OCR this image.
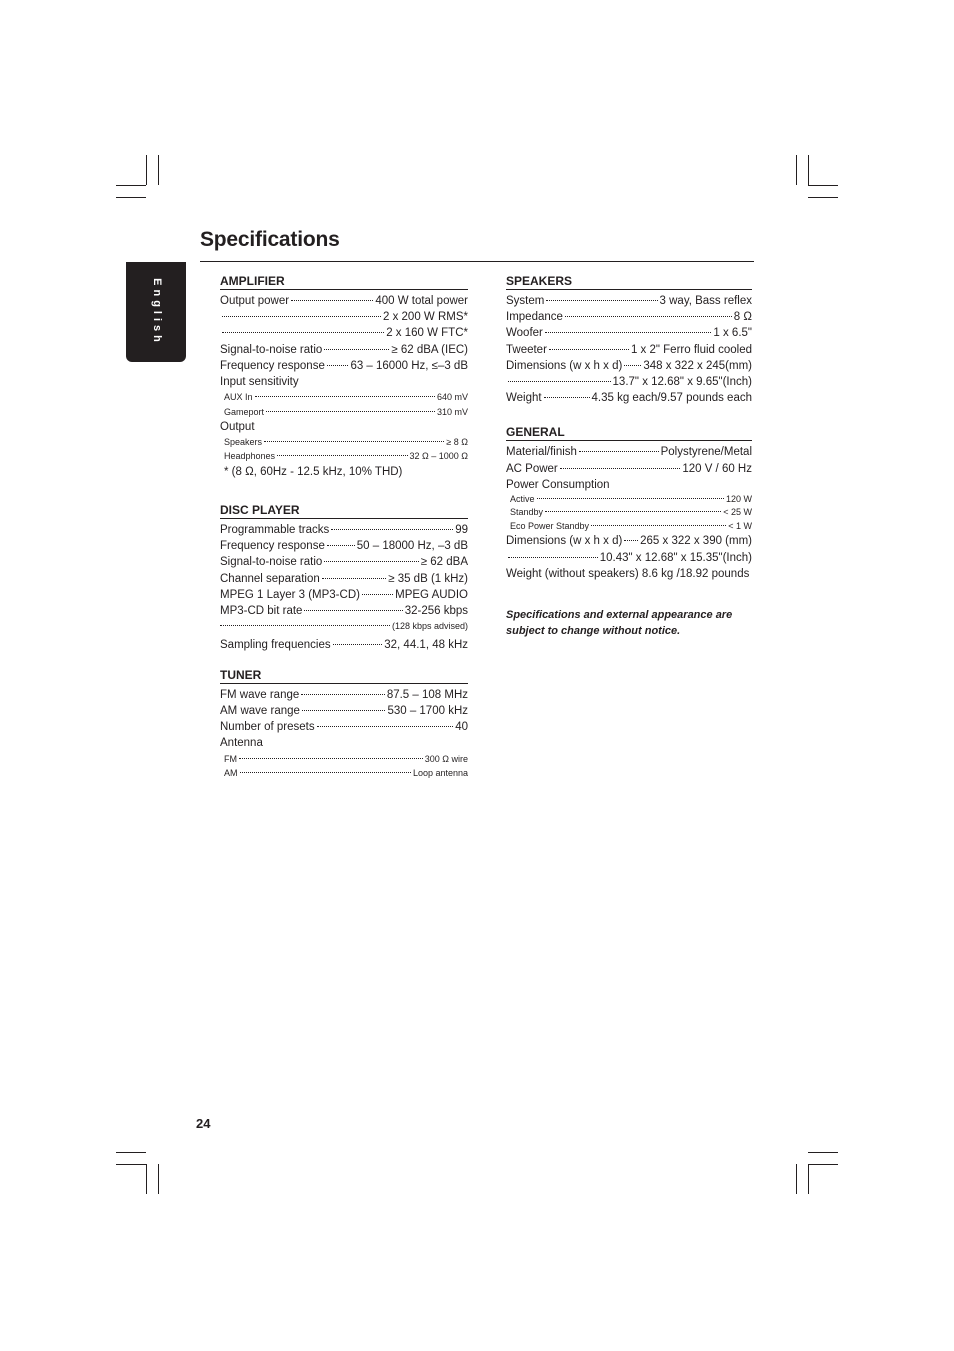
Specifications
English	AMPLIFIER
Output power	400 W total power
2 x 200 W RMS*
2 x 160 W FTC*
Signal-to-noise ratio	≥ 62 dBA (IEC)
Frequency response 63 – 16000 Hz, ≤–3 dB
Input sensitivity
AUX In	640 mV
Gameport	310 mV
Output
Speakers	≥ 8 Ω
Headphones	32 Ω – 1000 Ω
* (8 Ω, 60Hz - 12.5 kHz, 10% THD)
DISC PLAYER
Programmable tracks	99
Frequency response	50 – 18000 Hz, –3 dB
Signal-to-noise ratio	≥ 62 dBA
Channel separation	≥ 35 dB (1 kHz)
MPEG 1 Layer 3 (MP3-CD)	MPEG AUDIO
MP3-CD bit rate	32-256 kbps
(128 kbps advised)
Sampling frequencies	32, 44.1, 48 kHz
TUNER
FM wave range	87.5 – 108 MHz
AM wave range	530 – 1700 kHz
Number of presets	40
Antenna
FM	300 Ω wire
AM	Loop antenna
SPEAKERS
System	3 way, Bass reflex
Impedance	8 Ω
Woofer	1 x 6.5"
Tweeter	1 x 2" Ferro fluid cooled
Dimensions (w x h x d) 348 x 322 x 245(mm)
13.7" x 12.68" x 9.65"(Inch)
Weight	4.35 kg each/9.57 pounds each
GENERAL
Material/finish	Polystyrene/Metal
AC Power	120 V / 60 Hz
Power Consumption
Active	120 W
Standby	< 25 W
Eco Power Standby	< 1 W
Dimensions (w x h x d) 265 x 322 x 390 (mm)
10.43" x 12.68" x 15.35"(Inch)
Weight (without speakers) 8.6 kg /18.92 pounds
Specifications and external appearance are subject to change without notice.
24
